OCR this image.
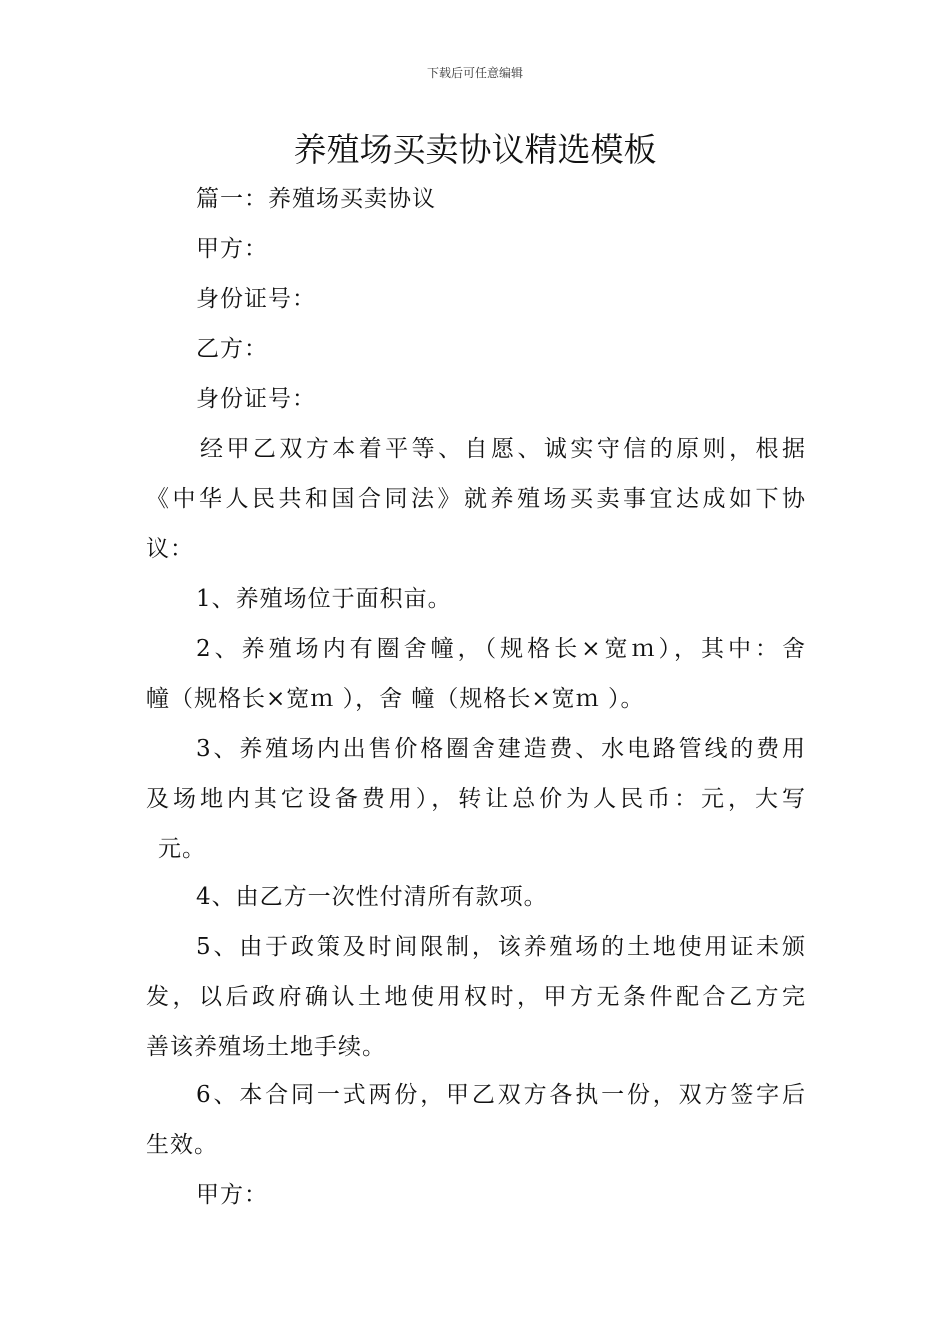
下载后可任意编辑
养殖场买卖协议精选模板
篇一：养殖场买卖协议
甲方：
身份证号：
乙方：
身份证号：
经甲乙双方本着平等、自愿、诚实守信的原则，根据
《中华人民共和国合同法》就养殖场买卖事宜达成如下协
议：
1、养殖场位于面积亩。
2、养殖场内有圈舍幢，（规格长×宽ｍ），其中：舍
幢（规格长×宽ｍ ），舍 幢（规格长×宽ｍ ）。
3、养殖场内出售价格圈舍建造费、水电路管线的费用
及场地内其它设备费用），转让总价为人民币：元，大写
元。
4、由乙方一次性付清所有款项。
5、由于政策及时间限制，该养殖场的土地使用证未颁
发，以后政府确认土地使用权时，甲方无条件配合乙方完
善该养殖场土地手续。
6、本合同一式两份，甲乙双方各执一份，双方签字后
生效。
甲方：
